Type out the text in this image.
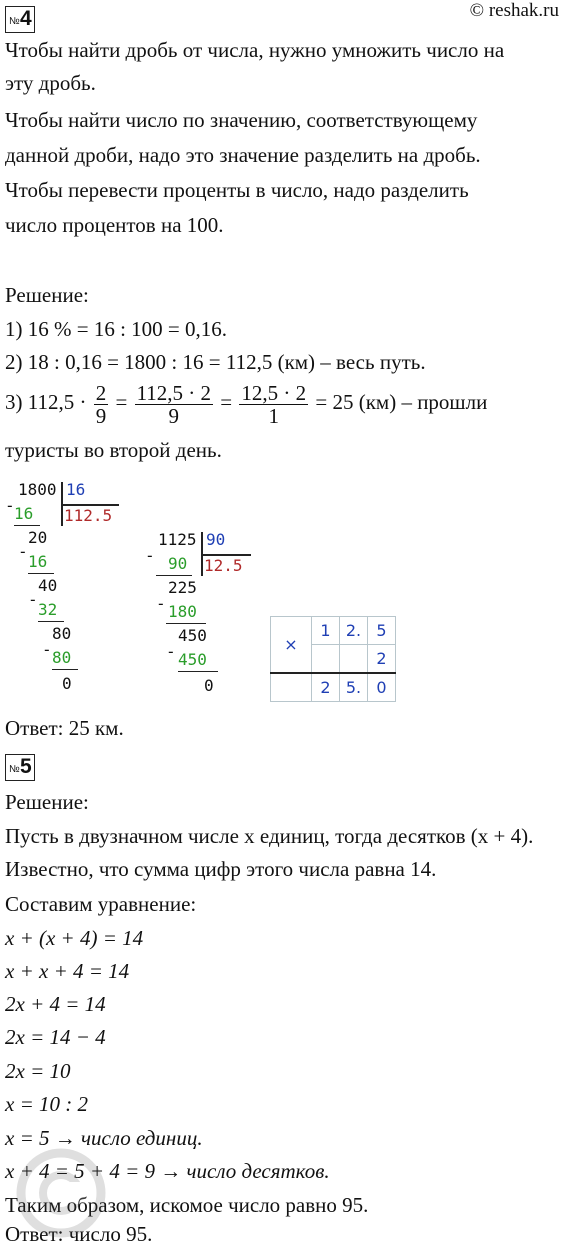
№ 4	© reshak.ru
Чтобы найти дробь от числа, нужно умножить число на
эту дробь.
Чтобы найти число по значению, соответствующему
данной дроби, надо это значение разделить на дробь.
Чтобы перевести проценты в число, надо разделить
число процентов на 100.
Решение:
1) 16 % = 16 : 100 = 0,16.
2) 18 : 0,16 = 1800 : 16 = 112,5 (км) – весь путь.
3) $112,5 \cdot \frac{2}{9} = \frac{112,5 \cdot 2}{9} = \frac{12,5 \cdot 2}{1} = 25$ (км) – прошли
туристы во второй день.
1800 16
112.5
- 16
20
-
16
40
-
32
80
- 80
0
1125 90
12.5
- 90
225
- 180
450
- 450
0
×	1	2.	5
			2
	2	5.	0
Ответ: 25 км.
№ 5
Решение:
Пусть в двузначном числе x единиц, тогда десятков (x + 4).
Известно, что сумма цифр этого числа равна 14.
Составим уравнение:
x + (x + 4) = 14
x + x + 4 = 14
2x + 4 = 14
2x = 14 − 4
2x = 10
x = 10 : 2
x = 5 → число единиц.
x + 4 = 5 + 4 = 9 → число десятков.
Таким образом, искомое число равно 95.
Ответ: число 95.
